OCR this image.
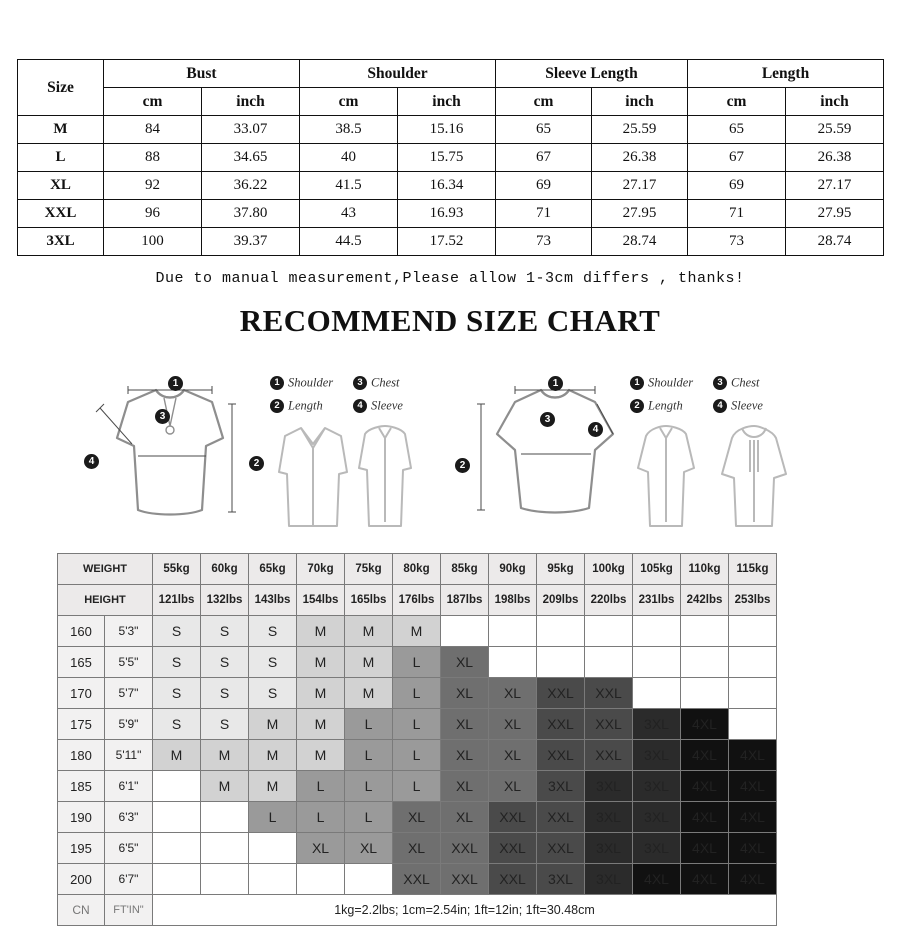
Size	Bust		Shoulder		Sleeve Length		Length	
	cm	inch	cm	inch	cm	inch	cm	inch
M	84	33.07	38.5	15.16	65	25.59	65	25.59
L	88	34.65	40	15.75	67	26.38	67	26.38
XL	92	36.22	41.5	16.34	69	27.17	69	27.17
XXL	96	37.80	43	16.93	71	27.95	71	27.95
3XL	100	39.37	44.5	17.52	73	28.74	73	28.74
Due to manual measurement,Please allow 1-3cm differs , thanks!
RECOMMEND SIZE CHART
1
3
2
4
1 Shoulder	3 Chest
2 Length	4 Sleeve
1
3
2
4
1 Shoulder	3 Chest
2 Length	4 Sleeve
WEIGHT		55kg	60kg	65kg	70kg	75kg	80kg	85kg	90kg	95kg	100kg	105kg	110kg	115kg
HEIGHT		121lbs	132lbs	143lbs	154lbs	165lbs	176lbs	187lbs	198lbs	209lbs	220lbs	231lbs	242lbs	253lbs
160	5'3"	S	S	S	M	M	M							
165	5'5"	S	S	S	M	M	L	XL						
170	5'7"	S	S	S	M	M	L	XL	XL	XXL	XXL			
175	5'9"	S	S	M	M	L	L	XL	XL	XXL	XXL	3XL	4XL	
180	5'11"	M	M	M	M	L	L	XL	XL	XXL	XXL	3XL	4XL	4XL
185	6'1"		M	M	L	L	L	XL	XL	3XL	3XL	3XL	4XL	4XL
190	6'3"			L	L	L	XL	XL	XXL	XXL	3XL	3XL	4XL	4XL
195	6'5"				XL	XL	XL	XXL	XXL	XXL	3XL	3XL	4XL	4XL
200	6'7"						XXL	XXL	XXL	3XL	3XL	4XL	4XL	4XL
CN	FT'IN"	1kg=2.2lbs; 1cm=2.54in; 1ft=12in; 1ft=30.48cm												
